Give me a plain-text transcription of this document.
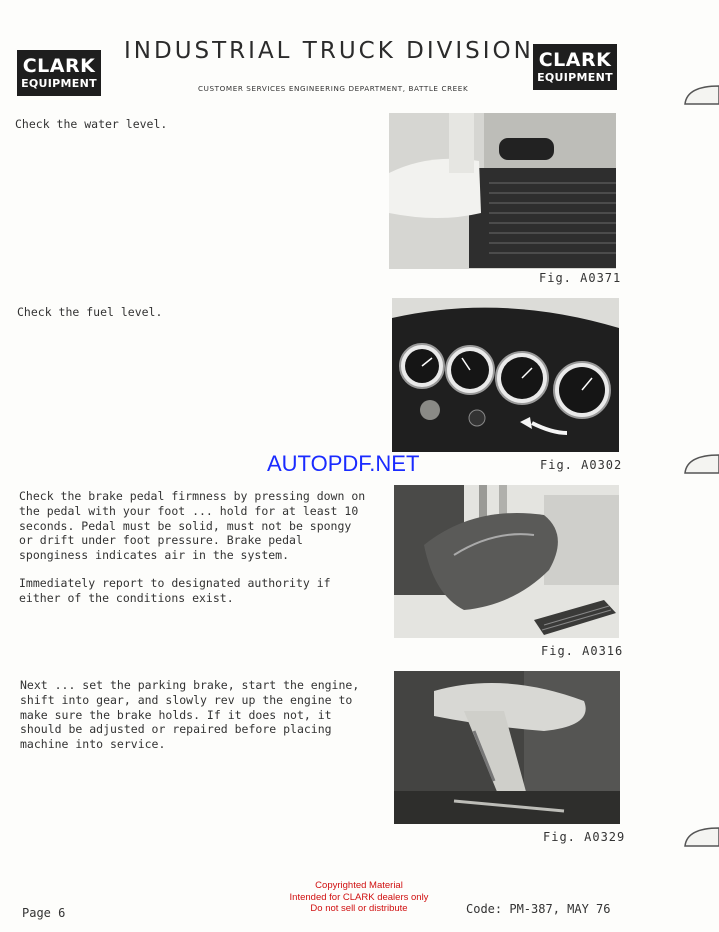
CLARK
EQUIPMENT
CLARK
EQUIPMENT
INDUSTRIAL TRUCK DIVISION
CUSTOMER SERVICES ENGINEERING DEPARTMENT, BATTLE CREEK
Check the water level.
Fig. A0371
Check the fuel level.
Fig. A0302
AUTOPDF.NET
Check the brake pedal firmness by pressing down on the pedal with your foot ... hold for at least 10 seconds. Pedal must be solid, must not be spongy or drift under foot pressure. Brake pedal sponginess indicates air in the system.
Immediately report to designated authority if either of the conditions exist.
Fig. A0316
Next ... set the parking brake, start the engine, shift into gear, and slowly rev up the engine to make sure the brake holds. If it does not, it should be adjusted or repaired before placing machine into service.
Fig. A0329
Copyrighted Material
Intended for CLARK dealers only
Do not sell or distribute
Page 6	Code: PM-387, MAY 76
